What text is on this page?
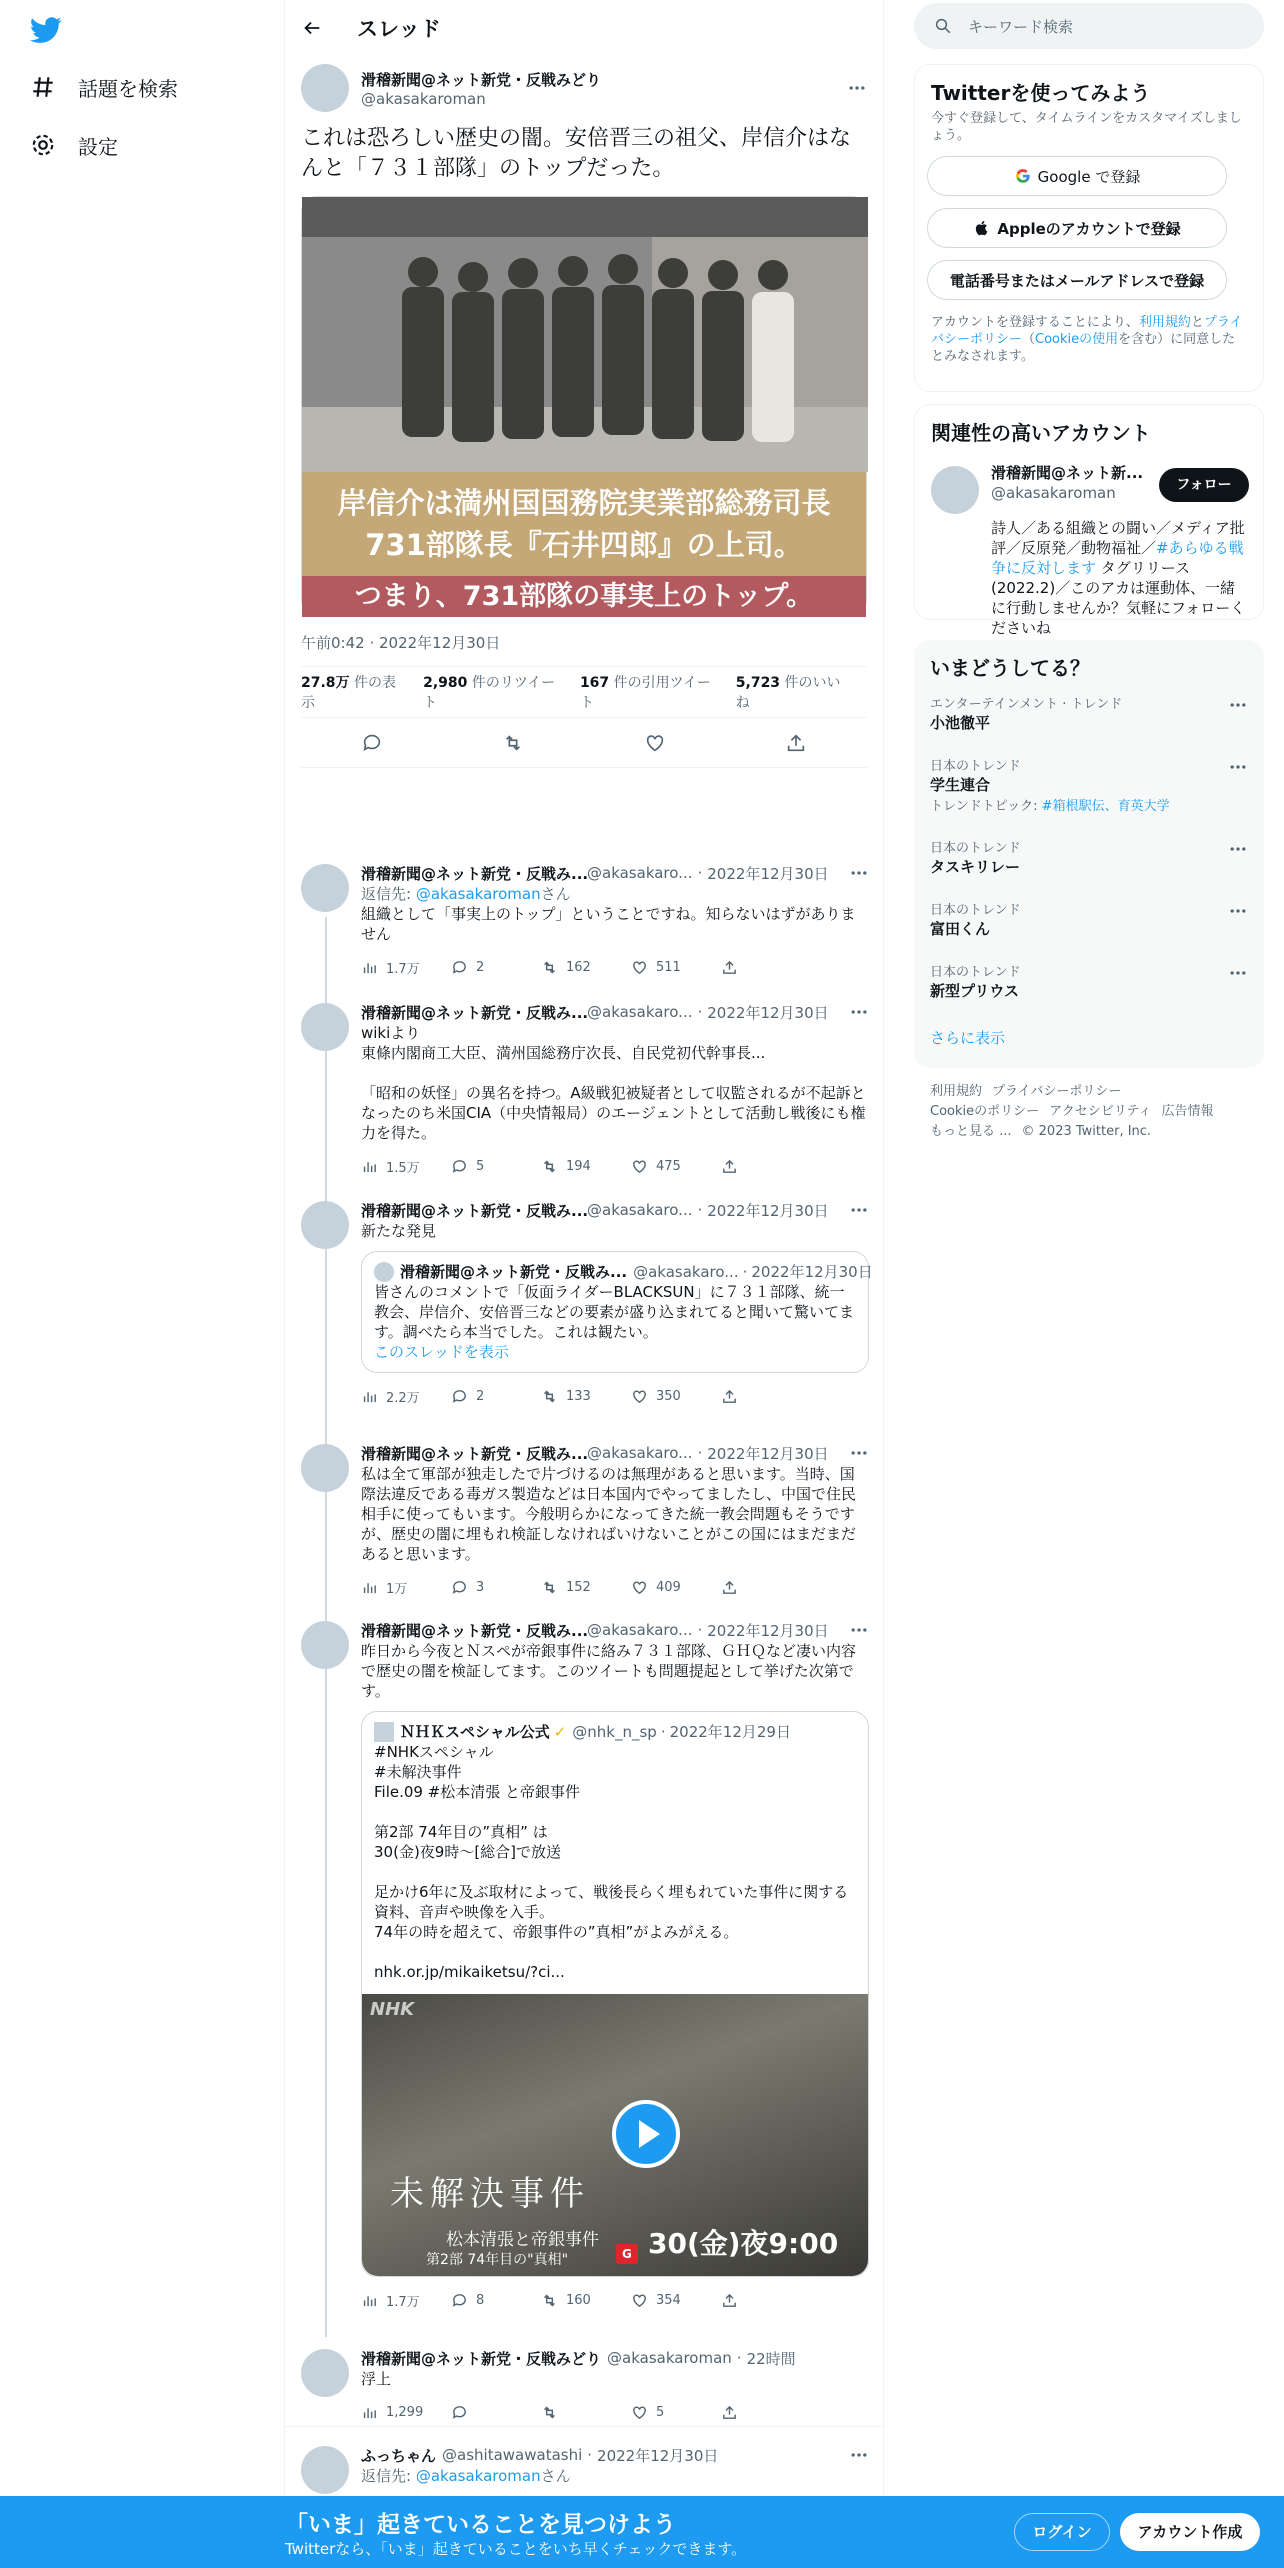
話題を検索
設定
スレッド
滑稽新聞@ネット新党・反戦みどり
@akasakaroman
これは恐ろしい歴史の闇。安倍晋三の祖父、岸信介はなんと「７３１部隊」のトップだった。
岸信介は満州国国務院実業部総務司長
731部隊長『石井四郎』の上司。
つまり、731部隊の事実上のトップ。
午前0:42 · 2022年12月30日
27.8万 件の表示
2,980 件のリツイート
167 件の引用ツイート
5,723 件のいいね
滑稽新聞@ネット新党・反戦み...
@akasakaro... · 2022年12月30日
返信先: @akasakaromanさん
組織として「事実上のトップ」ということですね。知らないはずがありません
1.7万	2	162	511
滑稽新聞@ネット新党・反戦み...
@akasakaro... · 2022年12月30日
wikiより
東條内閣商工大臣、満州国総務庁次長、自民党初代幹事長...

「昭和の妖怪」の異名を持つ。A級戦犯被疑者として収監されるが不起訴となったのち米国CIA（中央情報局）のエージェントとして活動し戦後にも権力を得た。
1.5万	5	194	475
滑稽新聞@ネット新党・反戦み...
@akasakaro... · 2022年12月30日
新たな発見
滑稽新聞@ネット新党・反戦み... @akasakaro... · 2022年12月30日
皆さんのコメントで「仮面ライダーBLACKSUN」に７３１部隊、統一教会、岸信介、安倍晋三などの要素が盛り込まれてると聞いて驚いてます。調べたら本当でした。これは観たい。
このスレッドを表示
2.2万	2	133	350
滑稽新聞@ネット新党・反戦み...
@akasakaro... · 2022年12月30日
私は全て軍部が独走したで片づけるのは無理があると思います。当時、国際法違反である毒ガス製造などは日本国内でやってましたし、中国で住民相手に使ってもいます。今般明らかになってきた統一教会問題もそうですが、歴史の闇に埋もれ検証しなければいけないことがこの国にはまだまだあると思います。
1万	3	152	409
滑稽新聞@ネット新党・反戦み...
@akasakaro... · 2022年12月30日
昨日から今夜とＮスペが帝銀事件に絡み７３１部隊、ＧＨＱなど凄い内容で歴史の闇を検証してます。このツイートも問題提起として挙げた次第です。
ＮＨＫスペシャル公式 ✓ @nhk_n_sp · 2022年12月29日
#NHKスペシャル
#未解決事件
File.09 #松本清張 と帝銀事件

第2部 74年目の”真相” は
30(金)夜9時〜[総合]で放送

足かけ6年に及ぶ取材によって、戦後長らく埋もれていた事件に関する資料、音声や映像を入手。
74年の時を超えて、帝銀事件の”真相”がよみがえる。

nhk.or.jp/mikaiketsu/?ci...
NHK
未解決事件
松本清張と帝銀事件
第2部 74年目の"真相"	G 30(金)夜9:00
1.7万	8	160	354
滑稽新聞@ネット新党・反戦みどり @akasakaroman · 22時間
浮上
1,299	5
ふっちゃん @ashitawawatashi · 2022年12月30日
返信先: @akasakaromanさん
キーワード検索
Twitterを使ってみよう
今すぐ登録して、タイムラインをカスタマイズしましょう。
Google で登録
Appleのアカウントで登録
電話番号またはメールアドレスで登録
アカウントを登録することにより、利用規約とプライバシーポリシー（Cookieの使用を含む）に同意したとみなされます。
関連性の高いアカウント
滑稽新聞@ネット新...
@akasakaroman	フォロー
詩人／ある組織との闘い／メディア批評／反原発／動物福祉／#あらゆる戦争に反対します タグリリース(2022.2)／このアカは運動体、一緒に行動しませんか？気軽にフォローくださいね
いまどうしてる？
エンターテインメント · トレンド
小池徹平
日本のトレンド
学生連合
トレンドトピック: #箱根駅伝、育英大学
日本のトレンド
タスキリレー
日本のトレンド
富田くん
日本のトレンド
新型プリウス
さらに表示
利用規約 プライバシーポリシー
Cookieのポリシー アクセシビリティ 広告情報
もっと見る ... © 2023 Twitter, Inc.
「いま」起きていることを見つけよう
Twitterなら、「いま」起きていることをいち早くチェックできます。
ログイン	アカウント作成
